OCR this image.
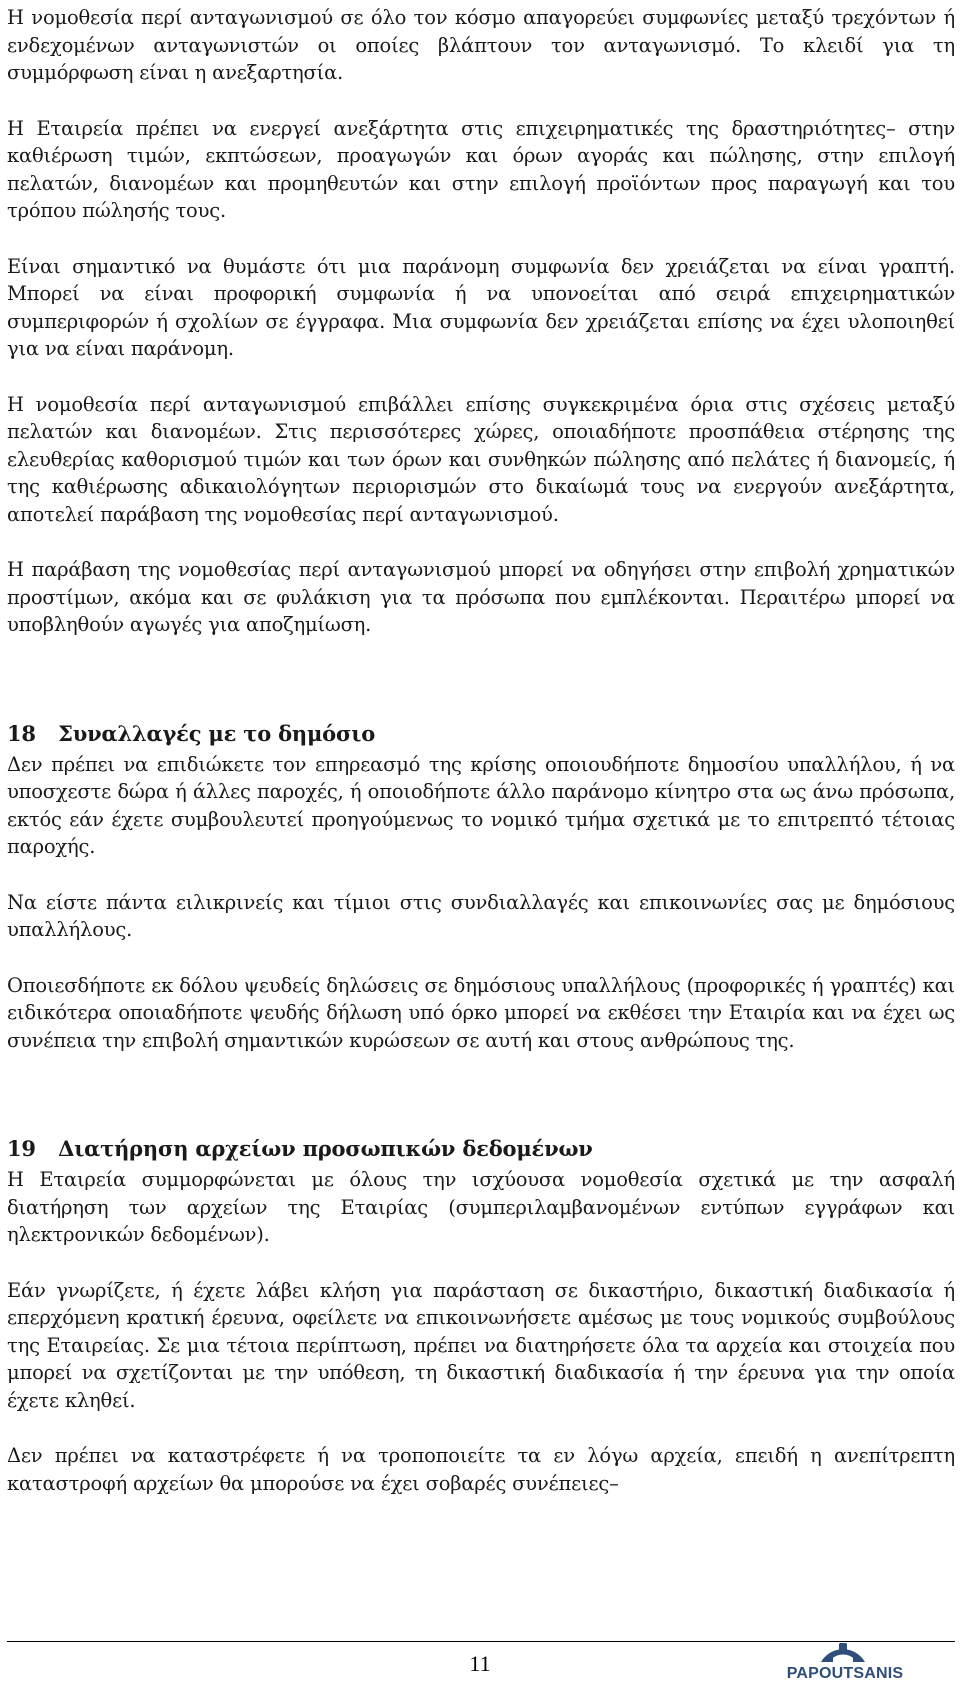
Η νομοθεσία περί ανταγωνισμού σε όλο τον κόσμο απαγορεύει συμφωνίες μεταξύ τρεχόντων ή ενδεχομένων ανταγωνιστών οι οποίες βλάπτουν τον ανταγωνισμό. Το κλειδί για τη συμμόρφωση είναι η ανεξαρτησία.

Η Εταιρεία πρέπει να ενεργεί ανεξάρτητα στις επιχειρηματικές της δραστηριότητες– στην καθιέρωση τιμών, εκπτώσεων, προαγωγών και όρων αγοράς και πώλησης, στην επιλογή πελατών, διανομέων και προμηθευτών και στην επιλογή προϊόντων προς παραγωγή και του τρόπου πώλησής τους.

Είναι σημαντικό να θυμάστε ότι μια παράνομη συμφωνία δεν χρειάζεται να είναι γραπτή. Μπορεί να είναι προφορική συμφωνία ή να υπονοείται από σειρά επιχειρηματικών συμπεριφορών ή σχολίων σε έγγραφα. Μια συμφωνία δεν χρειάζεται επίσης να έχει υλοποιηθεί για να είναι παράνομη.

Η νομοθεσία περί ανταγωνισμού επιβάλλει επίσης συγκεκριμένα όρια στις σχέσεις μεταξύ πελατών και διανομέων. Στις περισσότερες χώρες, οποιαδήποτε προσπάθεια στέρησης της ελευθερίας καθορισμού τιμών και των όρων και συνθηκών πώλησης από πελάτες ή διανομείς, ή της καθιέρωσης αδικαιολόγητων περιορισμών στο δικαίωμά τους να ενεργούν ανεξάρτητα, αποτελεί παράβαση της νομοθεσίας περί ανταγωνισμού.

Η παράβαση της νομοθεσίας περί ανταγωνισμού μπορεί να οδηγήσει στην επιβολή χρηματικών προστίμων, ακόμα και σε φυλάκιση για τα πρόσωπα που εμπλέκονται. Περαιτέρω μπορεί να υποβληθούν αγωγές για αποζημίωση.

18 Συναλλαγές με το δημόσιο

Δεν πρέπει να επιδιώκετε τον επηρεασμό της κρίσης οποιουδήποτε δημοσίου υπαλλήλου, ή να υποσχεστε δώρα ή άλλες παροχές, ή οποιοδήποτε άλλο παράνομο κίνητρο στα ως άνω πρόσωπα, εκτός εάν έχετε συμβουλευτεί προηγούμενως το νομικό τμήμα σχετικά με το επιτρεπτό τέτοιας παροχής.

Να είστε πάντα ειλικρινείς και τίμιοι στις συνδιαλλαγές και επικοινωνίες σας με δημόσιους υπαλλήλους.

Οποιεσδήποτε εκ δόλου ψευδείς δηλώσεις σε δημόσιους υπαλλήλους (προφορικές ή γραπτές) και ειδικότερα οποιαδήποτε ψευδής δήλωση υπό όρκο μπορεί να εκθέσει την Εταιρία και να έχει ως συνέπεια την επιβολή σημαντικών κυρώσεων σε αυτή και στους ανθρώπους της.

19 Διατήρηση αρχείων προσωπικών δεδομένων

Η Εταιρεία συμμορφώνεται με όλους την ισχύουσα νομοθεσία σχετικά με την ασφαλή διατήρηση των αρχείων της Εταιρίας (συμπεριλαμβανομένων εντύπων εγγράφων και ηλεκτρονικών δεδομένων).

Εάν γνωρίζετε, ή έχετε λάβει κλήση για παράσταση σε δικαστήριο, δικαστική διαδικασία ή επερχόμενη κρατική έρευνα, οφείλετε να επικοινωνήσετε αμέσως με τους νομικούς συμβούλους της Εταιρείας. Σε μια τέτοια περίπτωση, πρέπει να διατηρήσετε όλα τα αρχεία και στοιχεία που μπορεί να σχετίζονται με την υπόθεση, τη δικαστική διαδικασία ή την έρευνα για την οποία έχετε κληθεί.

Δεν πρέπει να καταστρέφετε ή να τροποποιείτε τα εν λόγω αρχεία, επειδή η ανεπίτρεπτη καταστροφή αρχείων θα μπορούσε να έχει σοβαρές συνέπειες–

11	PAPOUTSANIS
